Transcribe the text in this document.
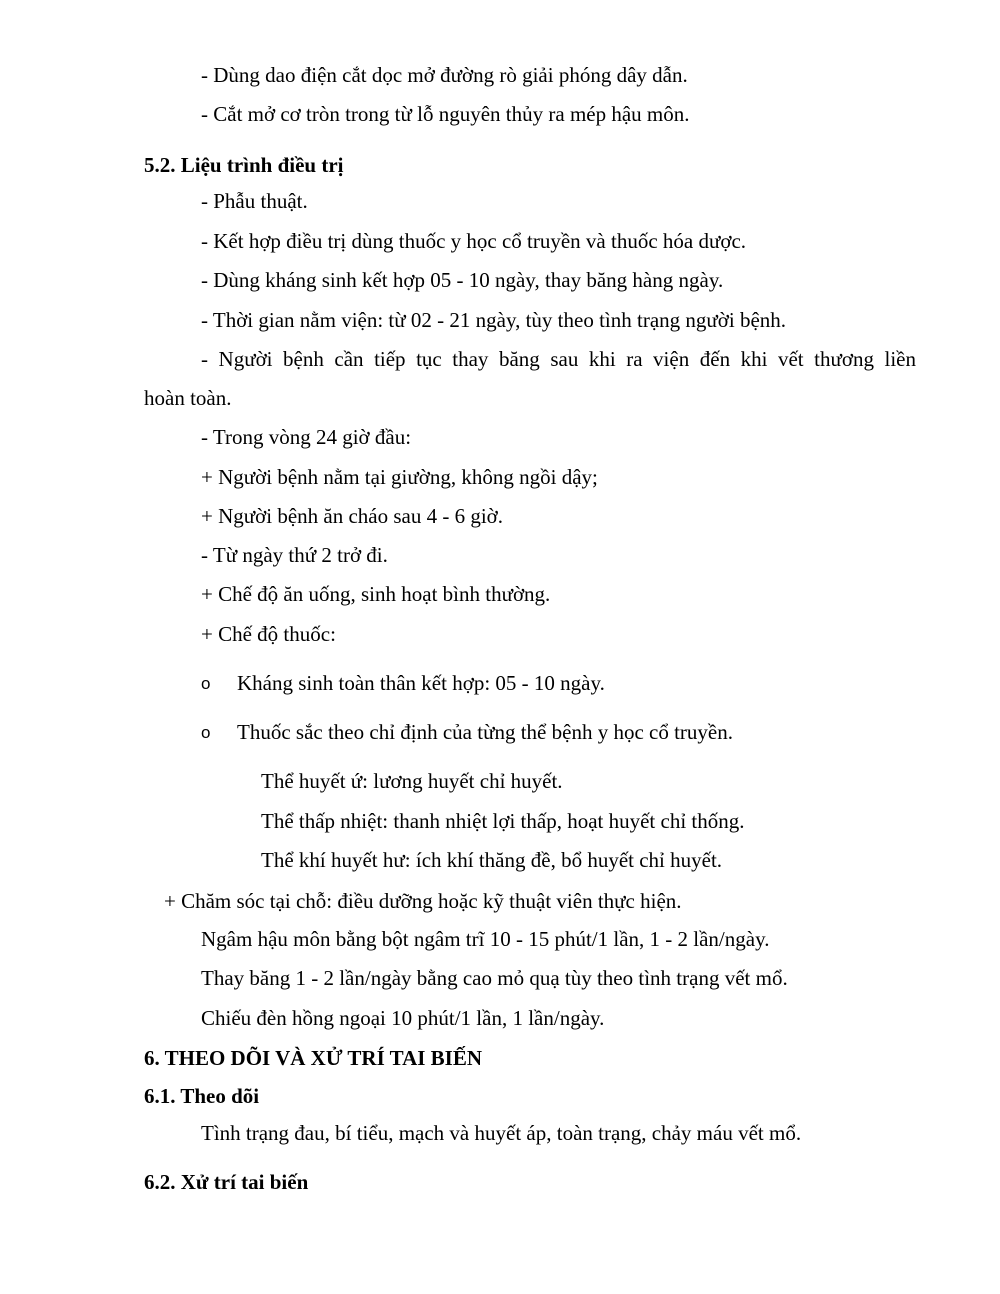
- Dùng dao điện cắt dọc mở đường rò giải phóng dây dẫn.
- Cắt mở cơ tròn trong từ lỗ nguyên thủy ra mép hậu môn.
5.2. Liệu trình điều trị
- Phẫu thuật.
- Kết hợp điều trị dùng thuốc y học cổ truyền và thuốc hóa dược.
- Dùng kháng sinh kết hợp 05 - 10 ngày, thay băng hàng ngày.
- Thời gian nằm viện: từ 02 - 21 ngày, tùy theo tình trạng người bệnh.
- Người bệnh cần tiếp tục thay băng sau khi ra viện đến khi vết thương liền
hoàn toàn.
- Trong vòng 24 giờ đầu:
+ Người bệnh nằm tại giường, không ngồi dậy;
+ Người bệnh ăn cháo sau 4 - 6 giờ.
- Từ ngày thứ 2 trở đi.
+ Chế độ ăn uống, sinh hoạt bình thường.
+ Chế độ thuốc:
o Kháng sinh toàn thân kết hợp: 05 - 10 ngày.
o Thuốc sắc theo chỉ định của từng thể bệnh y học cổ truyền.
Thể huyết ứ: lương huyết chỉ huyết.
Thể thấp nhiệt: thanh nhiệt lợi thấp, hoạt huyết chỉ thống.
Thể khí huyết hư: ích khí thăng đề, bổ huyết chỉ huyết.
+ Chăm sóc tại chỗ: điều dưỡng hoặc kỹ thuật viên thực hiện.
Ngâm hậu môn bằng bột ngâm trĩ 10 - 15 phút/1 lần, 1 - 2 lần/ngày.
Thay băng 1 - 2 lần/ngày bằng cao mỏ quạ tùy theo tình trạng vết mổ.
Chiếu đèn hồng ngoại 10 phút/1 lần, 1 lần/ngày.
6. THEO DÕI VÀ XỬ TRÍ TAI BIẾN
6.1. Theo dõi
Tình trạng đau, bí tiểu, mạch và huyết áp, toàn trạng, chảy máu vết mổ.
6.2. Xử trí tai biến
